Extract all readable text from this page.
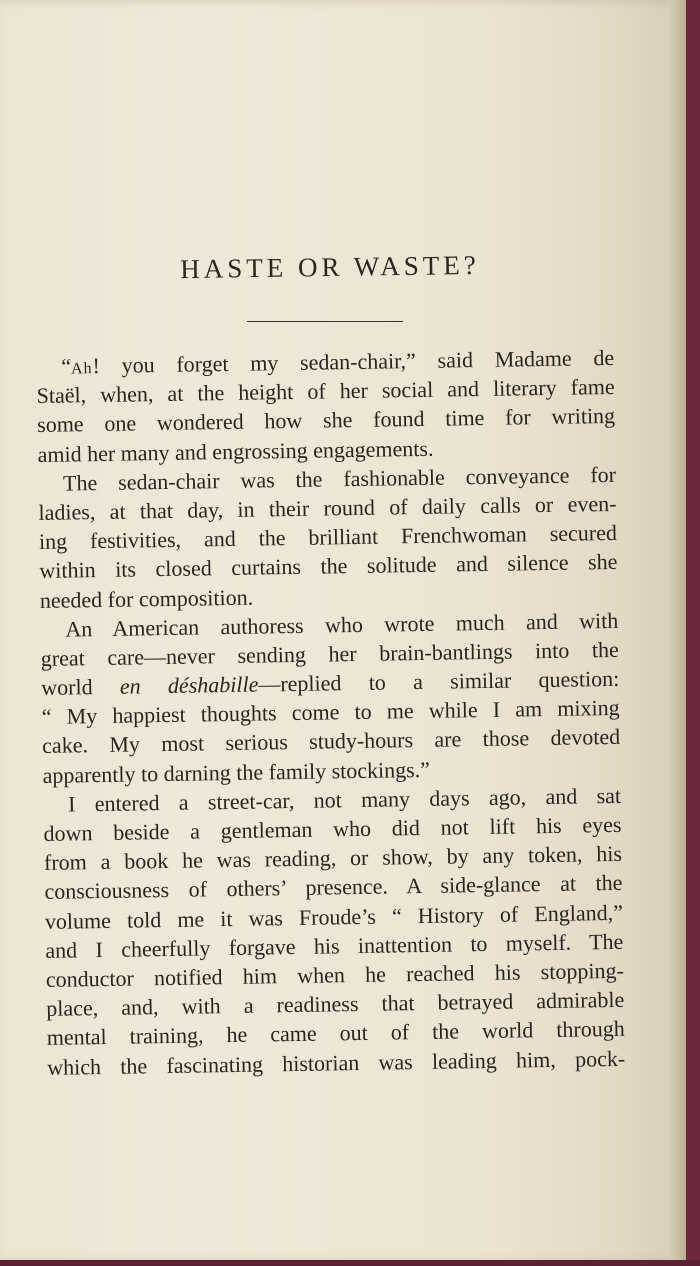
HASTE OR WASTE?
“Ah! you forget my sedan-chair,” said Madame de
Staël, when, at the height of her social and literary fame
some one wondered how she found time for writing
amid her many and engrossing engagements.
The sedan-chair was the fashionable conveyance for
ladies, at that day, in their round of daily calls or even-
ing festivities, and the brilliant Frenchwoman secured
within its closed curtains the solitude and silence she
needed for composition.
An American authoress who wrote much and with
great care—never sending her brain-bantlings into the
world en déshabille—replied to a similar question:
“ My happiest thoughts come to me while I am mixing
cake. My most serious study-hours are those devoted
apparently to darning the family stockings.”
I entered a street-car, not many days ago, and sat
down beside a gentleman who did not lift his eyes
from a book he was reading, or show, by any token, his
consciousness of others’ presence. A side-glance at the
volume told me it was Froude’s “ History of England,”
and I cheerfully forgave his inattention to myself. The
conductor notified him when he reached his stopping-
place, and, with a readiness that betrayed admirable
mental training, he came out of the world through
which the fascinating historian was leading him, pock-
